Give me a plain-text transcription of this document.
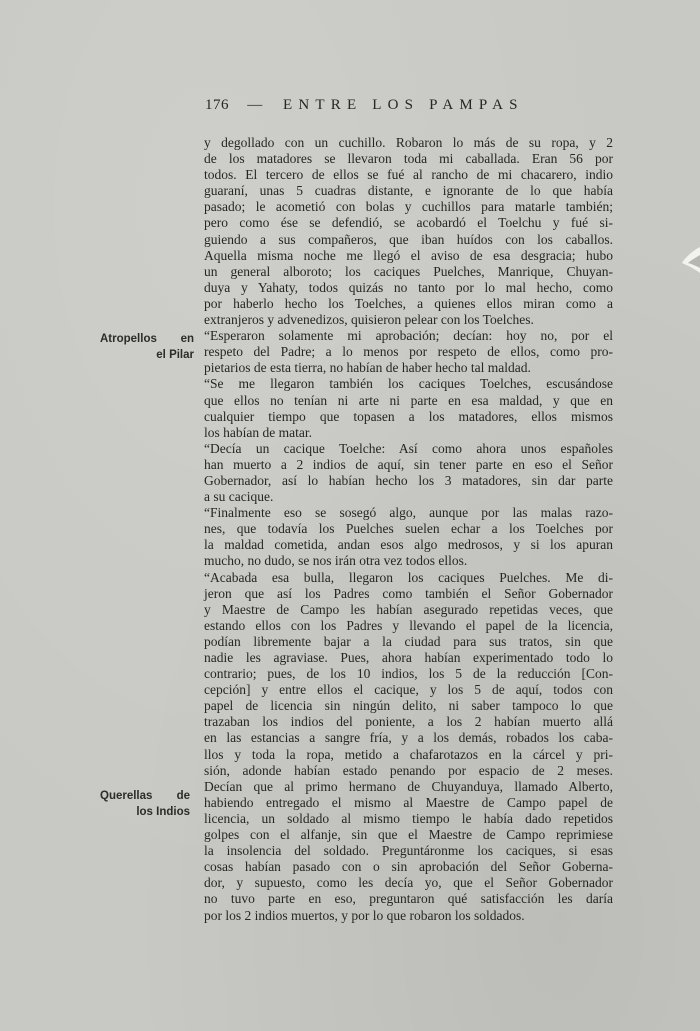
176 — ENTRE LOS PAMPAS
Atropellos en
el Pilar
Querellas de
los Indios
y degollado con un cuchillo. Robaron lo más de su ropa, y 2
de los matadores se llevaron toda mi caballada. Eran 56 por
todos. El tercero de ellos se fué al rancho de mi chacarero, indio
guaraní, unas 5 cuadras distante, e ignorante de lo que había
pasado; le acometió con bolas y cuchillos para matarle también;
pero como ése se defendió, se acobardó el Toelchu y fué si-
guiendo a sus compañeros, que iban huídos con los caballos.
Aquella misma noche me llegó el aviso de esa desgracia; hubo
un general alboroto; los caciques Puelches, Manrique, Chuyan-
duya y Yahaty, todos quizás no tanto por lo mal hecho, como
por haberlo hecho los Toelches, a quienes ellos miran como a
extranjeros y advenedizos, quisieron pelear con los Toelches.
“Esperaron solamente mi aprobación; decían: hoy no, por el
respeto del Padre; a lo menos por respeto de ellos, como pro-
pietarios de esta tierra, no habían de haber hecho tal maldad.
“Se me llegaron también los caciques Toelches, escusándose
que ellos no tenían ni arte ni parte en esa maldad, y que en
cualquier tiempo que topasen a los matadores, ellos mismos
los habían de matar.
“Decía un cacique Toelche: Así como ahora unos españoles
han muerto a 2 indios de aquí, sin tener parte en eso el Señor
Gobernador, así lo habían hecho los 3 matadores, sin dar parte
a su cacique.
“Finalmente eso se sosegó algo, aunque por las malas razo-
nes, que todavía los Puelches suelen echar a los Toelches por
la maldad cometida, andan esos algo medrosos, y si los apuran
mucho, no dudo, se nos irán otra vez todos ellos.
“Acabada esa bulla, llegaron los caciques Puelches. Me di-
jeron que así los Padres como también el Señor Gobernador
y Maestre de Campo les habían asegurado repetidas veces, que
estando ellos con los Padres y llevando el papel de la licencia,
podían libremente bajar a la ciudad para sus tratos, sin que
nadie les agraviase. Pues, ahora habían experimentado todo lo
contrario; pues, de los 10 indios, los 5 de la reducción [Con-
cepción] y entre ellos el cacique, y los 5 de aquí, todos con
papel de licencia sin ningún delito, ni saber tampoco lo que
trazaban los indios del poniente, a los 2 habían muerto allá
en las estancias a sangre fría, y a los demás, robados los caba-
llos y toda la ropa, metido a chafarotazos en la cárcel y pri-
sión, adonde habían estado penando por espacio de 2 meses.
Decían que al primo hermano de Chuyanduya, llamado Alberto,
habiendo entregado el mismo al Maestre de Campo papel de
licencia, un soldado al mismo tiempo le había dado repetidos
golpes con el alfanje, sin que el Maestre de Campo reprimiese
la insolencia del soldado. Preguntáronme los caciques, si esas
cosas habían pasado con o sin aprobación del Señor Goberna-
dor, y supuesto, como les decía yo, que el Señor Gobernador
no tuvo parte en eso, preguntaron qué satisfacción les daría
por los 2 indios muertos, y por lo que robaron los soldados.
